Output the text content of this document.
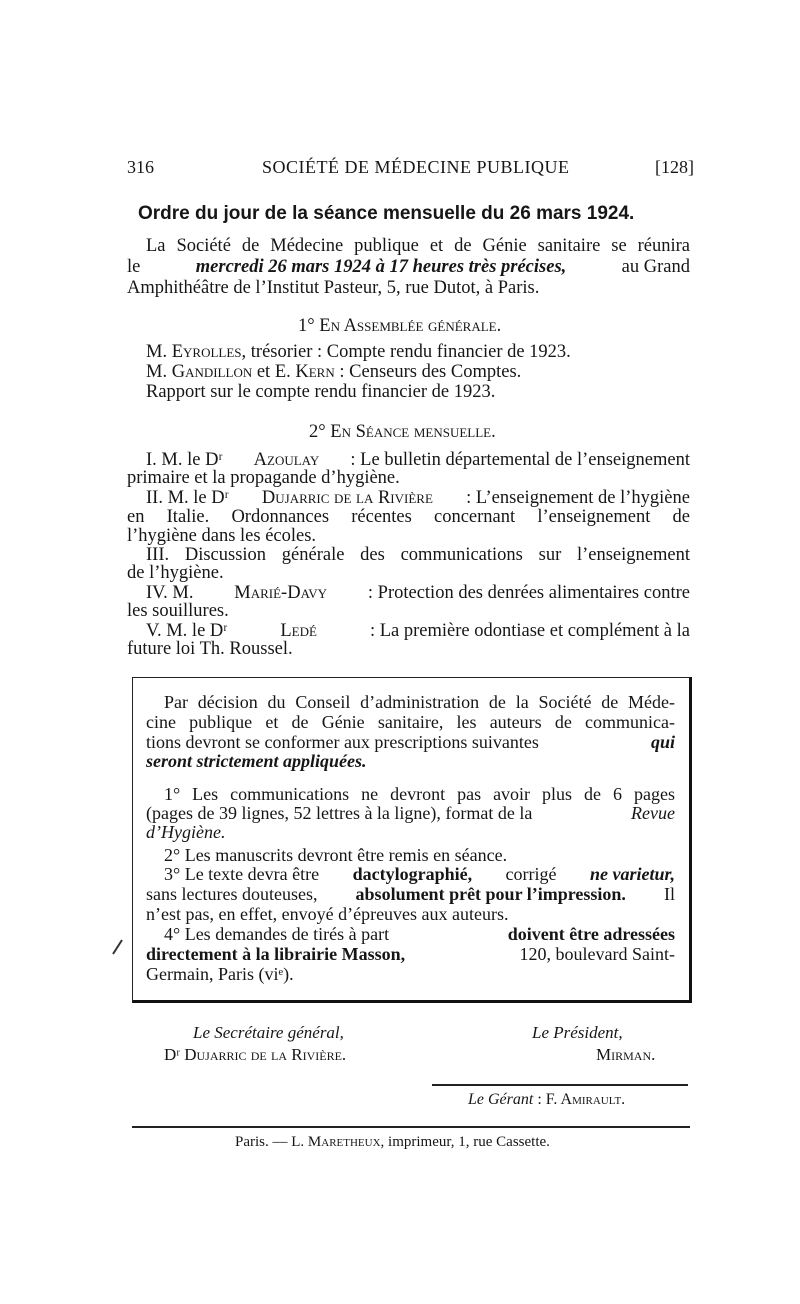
316	SOCIÉTÉ DE MÉDECINE PUBLIQUE	[128]
Ordre du jour de la séance mensuelle du 26 mars 1924.
La Société de Médecine publique et de Génie sanitaire se réunira
le	mercredi 26 mars 1924 à 17 heures très précises,	au Grand
Amphithéâtre de l’Institut Pasteur, 5, rue Dutot, à Paris.
1° En Assemblée générale.
M. Eyrolles, trésorier : Compte rendu financier de 1923.
M. Gandillon et E. Kern : Censeurs des Comptes.
Rapport sur le compte rendu financier de 1923.
2° En Séance mensuelle.
I. M. le Dʳ Azoulay : Le bulletin départemental de l’enseignement
primaire et la propagande d’hygiène.
II. M. le Dʳ Dujarric de la Rivière : L’enseignement de l’hygiène
en Italie. Ordonnances récentes concernant l’enseignement de
l’hygiène dans les écoles.
III. Discussion générale des communications sur l’enseignement
de l’hygiène.
IV. M. Marié-Davy : Protection des denrées alimentaires contre
les souillures.
V. M. le Dʳ	Ledé	: La première odontiase et complément à la
future loi Th. Roussel.
Par décision du Conseil d’administration de la Société de Méde-
cine publique et de Génie sanitaire, les auteurs de communica-
tions devront se conformer aux prescriptions suivantes	qui
seront strictement appliquées.
1° Les communications ne devront pas avoir plus de 6 pages
(pages de 39 lignes, 52 lettres à la ligne), format de la	Revue
d’Hygiène.
2° Les manuscrits devront être remis en séance.
3° Le texte devra être dactylographié, corrigé ne varietur,
sans lectures douteuses, absolument prêt pour l’impression. Il
n’est pas, en effet, envoyé d’épreuves aux auteurs.
4° Les demandes de tirés à part	doivent être adressées
directement à la librairie Masson,	120, boulevard Saint-
Germain, Paris (viᵉ).
Le Secrétaire général,
Dʳ Dujarric de la Rivière.
Le Président,
Mirman.
Le Gérant : F. Amirault.
Paris. — L. Maretheux, imprimeur, 1, rue Cassette.
